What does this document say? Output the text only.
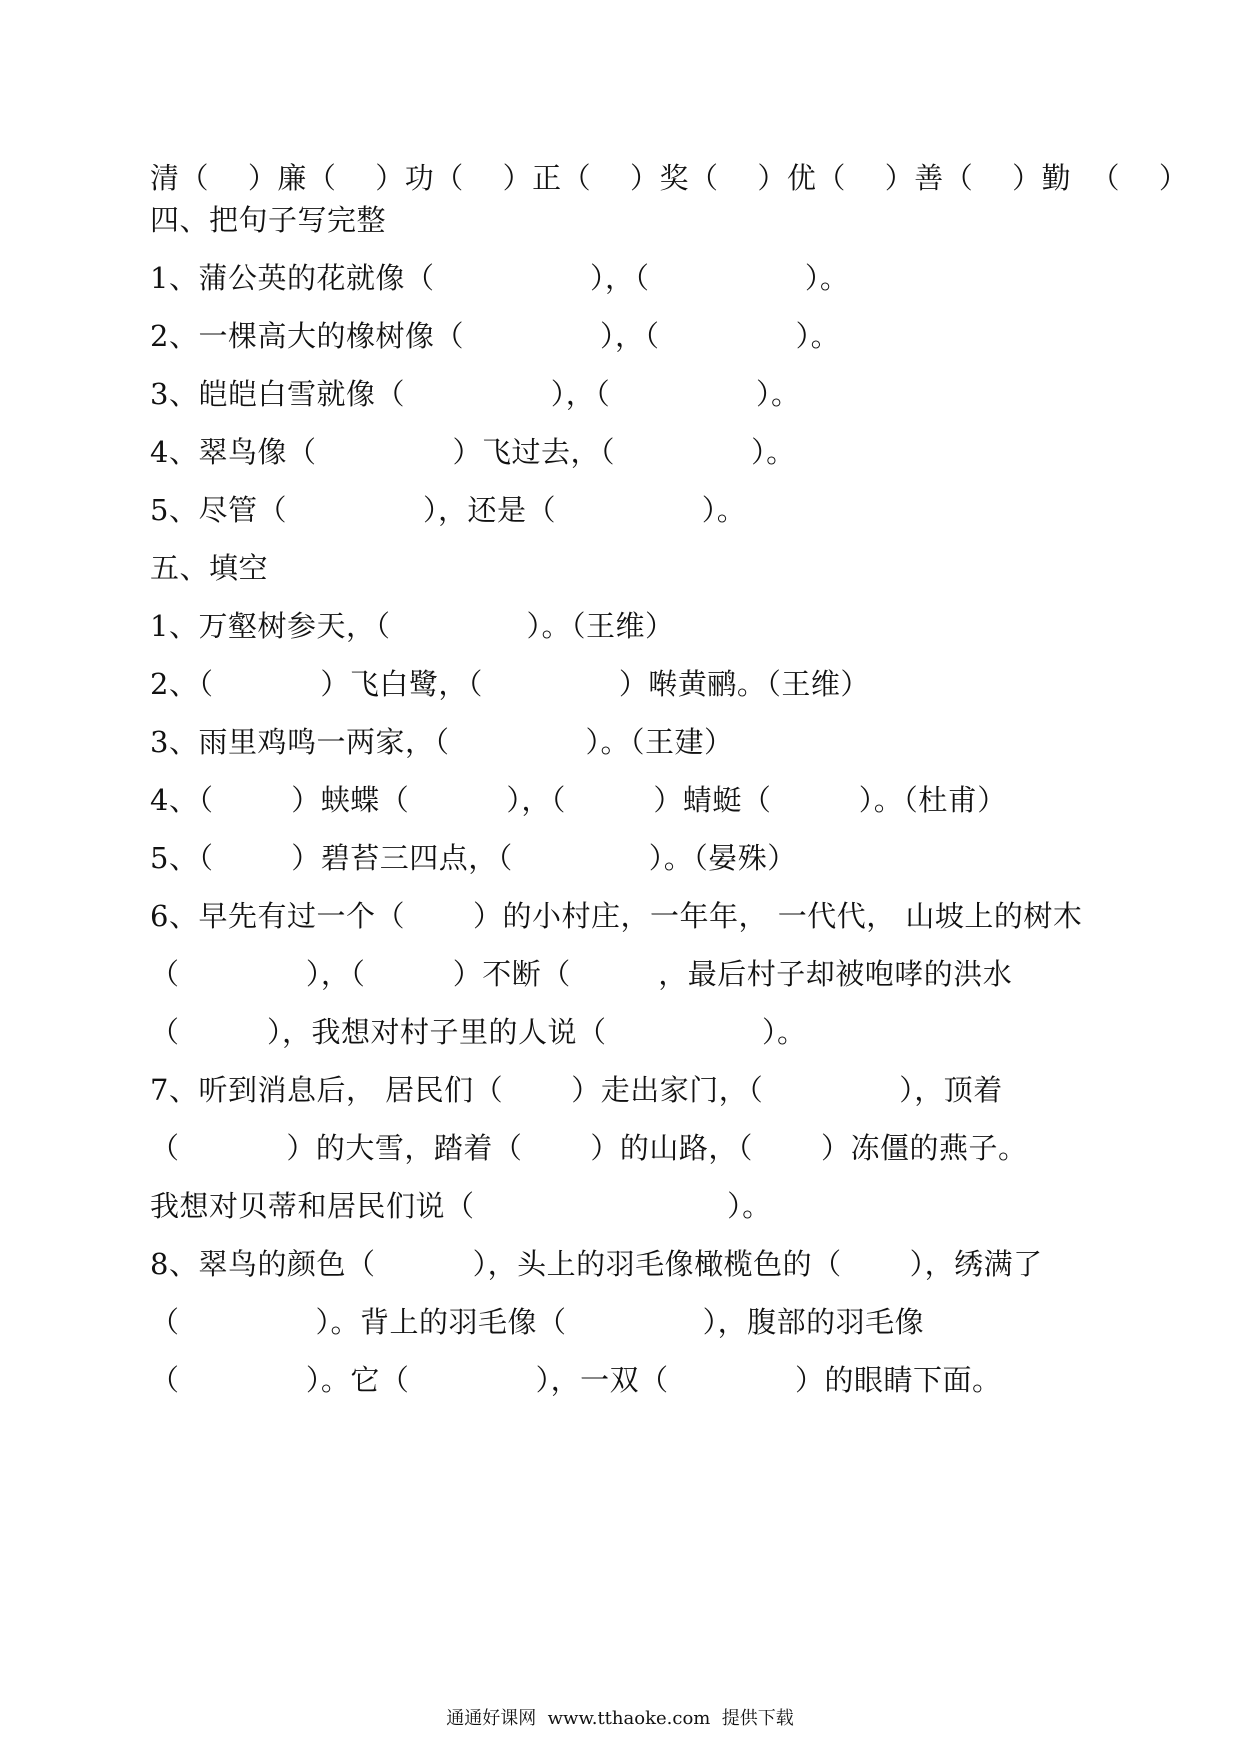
清（    ）廉（    ）功（    ）正（    ）奖（    ）优（    ）善（    ）勤  （    ）
四、把句子写完整
1、蒲公英的花就像（                ），（                ）。
2、一棵高大的橡树像（              ），（              ）。
3、皑皑白雪就像（               ），（               ）。
4、翠鸟像（              ）飞过去，（              ）。
5、尽管（              ），还是（               ）。
五、填空
1、万壑树参天，（              ）。（王维）
2、（           ）飞白鹭，（              ）啭黄鹂。（王维）
3、雨里鸡鸣一两家，（              ）。（王建）
4、（        ）蛱蝶（          ），（         ）蜻蜓（         ）。（杜甫）
5、（        ）碧苔三四点，（              ）。（晏殊）
6、早先有过一个（       ）的小村庄，一年年， 一代代， 山坡上的树木
（             ），（         ）不断（         ，最后村子却被咆哮的洪水
（         ），我想对村子里的人说（                ）。
7、听到消息后， 居民们（       ）走出家门，（              ），顶着
（           ）的大雪，踏着（       ）的山路，（       ）冻僵的燕子。
我想对贝蒂和居民们说（                          ）。
8、翠鸟的颜色（          ），头上的羽毛像橄榄色的（       ），绣满了
（              ）。背上的羽毛像（              ），腹部的羽毛像
（             ）。它（             ），一双（             ）的眼睛下面。
通通好课网  www.tthaoke.com  提供下载
